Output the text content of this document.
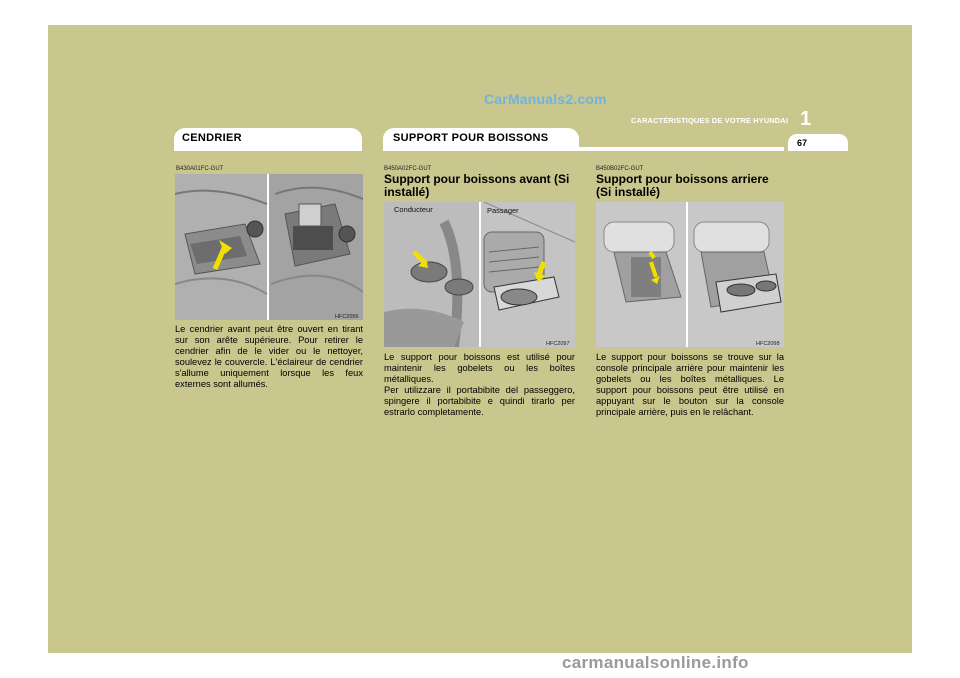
CarManuals2.com
1
CARACTÉRISTIQUES DE VOTRE HYUNDAI
67
CENDRIER	SUPPORT POUR BOISSONS
B430A01FC-GUT
HFC2056

Le cendrier avant peut être ouvert en tirant sur son arête supérieure. Pour retirer le cendrier afin de le vider ou le nettoyer, soulevez le couvercle. L'éclaireur de cendrier s'allume uniquement lorsque les feux externes sont allumés.

B450A02FC-GUT
Support pour boissons avant (Si installé)
Conducteur	Passager
HFC2097

Le support pour boissons est utilisé pour maintenir les gobelets ou les boîtes métalliques.

Per utilizzare il portabibite del passeggero, spingere il portabibite e quindi tirarlo per estrarlo completamente.

B450B02FC-GUT
Support pour boissons arriere (Si installé)
HFC2098

Le support pour boissons se trouve sur la console principale arrière pour maintenir les gobelets ou les boîtes métalliques. Le support pour boissons peut être utilisé en appuyant sur le bouton sur la console principale arrière, puis en le relâchant.

carmanualsonline.info
